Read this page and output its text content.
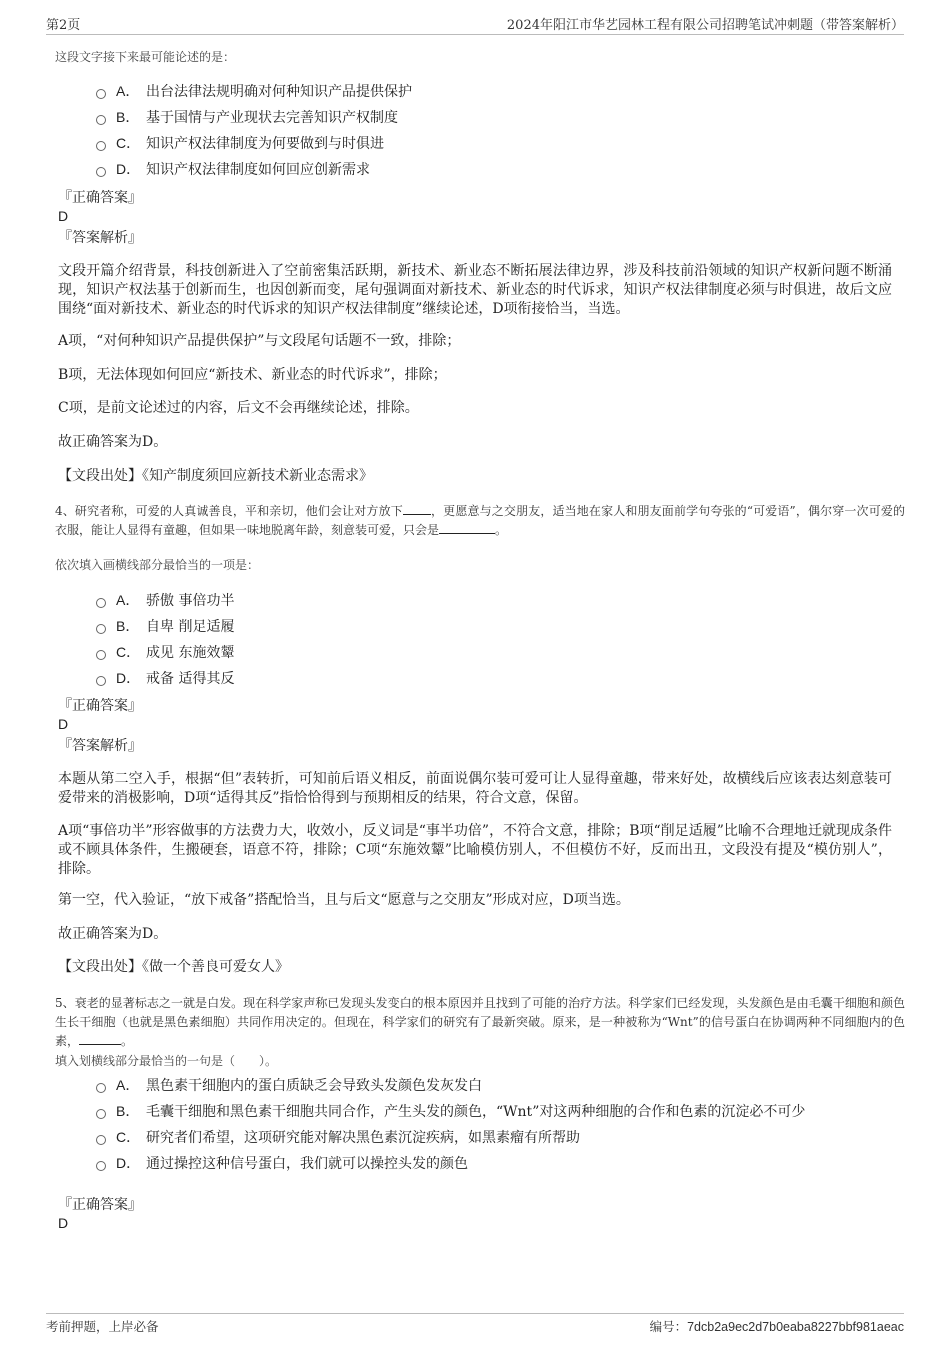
第2页	2024年阳江市华艺园林工程有限公司招聘笔试冲刺题（带答案解析）
这段文字接下来最可能论述的是：
A． 出台法律法规明确对何种知识产品提供保护
B． 基于国情与产业现状去完善知识产权制度
C． 知识产权法律制度为何要做到与时俱进
D． 知识产权法律制度如何回应创新需求
『正确答案』
D
『答案解析』
文段开篇介绍背景，科技创新进入了空前密集活跃期，新技术、新业态不断拓展法律边界，涉及科技前沿领域的知识产权新问题不断涌现，知识产权法基于创新而生，也因创新而变，尾句强调面对新技术、新业态的时代诉求，知识产权法律制度必须与时俱进，故后文应围绕“面对新技术、新业态的时代诉求的知识产权法律制度”继续论述，D项衔接恰当，当选。
A项，“对何种知识产品提供保护”与文段尾句话题不一致，排除；
B项，无法体现如何回应“新技术、新业态的时代诉求”，排除；
C项，是前文论述过的内容，后文不会再继续论述，排除。
故正确答案为D。
【文段出处】《知产制度须回应新技术新业态需求》
4、研究者称，可爱的人真诚善良，平和亲切，他们会让对方放下 ，更愿意与之交朋友，适当地在家人和朋友面前学句夸张的“可爱语”，偶尔穿一次可爱的衣服，能让人显得有童趣，但如果一味地脱离年龄，刻意装可爱，只会是	。
依次填入画横线部分最恰当的一项是：
A． 骄傲 事倍功半
B． 自卑 削足适履
C． 成见 东施效颦
D． 戒备 适得其反
『正确答案』
D
『答案解析』
本题从第二空入手，根据“但”表转折，可知前后语义相反，前面说偶尔装可爱可让人显得童趣，带来好处，故横线后应该表达刻意装可爱带来的消极影响，D项“适得其反”指恰恰得到与预期相反的结果，符合文意，保留。
A项“事倍功半”形容做事的方法费力大，收效小，反义词是“事半功倍”，不符合文意，排除；B项“削足适履”比喻不合理地迁就现成条件或不顾具体条件，生搬硬套，语意不符，排除；C项“东施效颦”比喻模仿别人，不但模仿不好，反而出丑，文段没有提及“模仿别人”，排除。
第一空，代入验证，“放下戒备”搭配恰当，且与后文“愿意与之交朋友”形成对应，D项当选。
故正确答案为D。
【文段出处】《做一个善良可爱女人》
5、衰老的显著标志之一就是白发。现在科学家声称已发现头发变白的根本原因并且找到了可能的治疗方法。科学家们已经发现，头发颜色是由毛囊干细胞和颜色生长干细胞（也就是黑色素细胞）共同作用决定的。但现在，科学家们的研究有了最新突破。原来，是一种被称为“Wnt”的信号蛋白在协调两种不同细胞内的色素，	。
填入划横线部分最恰当的一句是（　　）。
A． 黑色素干细胞内的蛋白质缺乏会导致头发颜色发灰发白
B． 毛囊干细胞和黑色素干细胞共同合作，产生头发的颜色，“Wnt”对这两种细胞的合作和色素的沉淀必不可少
C． 研究者们希望，这项研究能对解决黑色素沉淀疾病，如黑素瘤有所帮助
D． 通过操控这种信号蛋白，我们就可以操控头发的颜色
『正确答案』
D
考前押题，上岸必备	编号：7dcb2a9ec2d7b0eaba8227bbf981aeac
